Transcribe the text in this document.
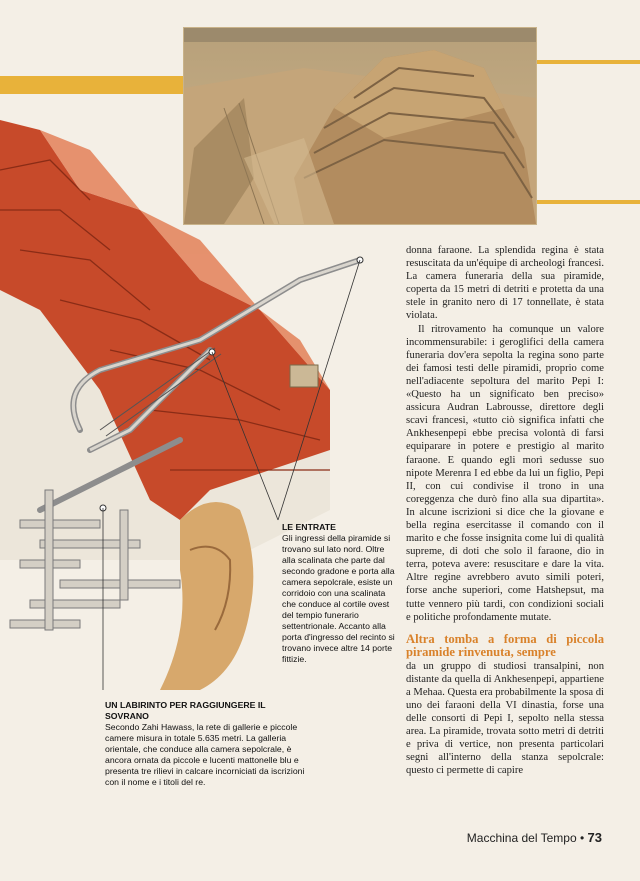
LE ENTRATE
Gli ingressi della piramide si trovano sul lato nord. Oltre alla scalinata che parte dal secondo gradone e porta alla camera sepolcrale, esiste un corridoio con una scalinata che conduce al cortile ovest del tempio funerario settentrionale. Accanto alla porta d'ingresso del recinto si trovano invece altre 14 porte fittizie.
UN LABIRINTO PER RAGGIUNGERE IL SOVRANO
Secondo Zahi Hawass, la rete di gallerie e piccole camere misura in totale 5.635 metri. La galleria orientale, che conduce alla camera sepolcrale, è ancora ornata da piccole e lucenti mattonelle blu e presenta tre rilievi in calcare incorniciati da iscrizioni con il nome e i titoli del re.

donna faraone. La splendida regina è stata resuscitata da un'équipe di archeologi francesi. La camera funeraria della sua piramide, coperta da 15 metri di detriti e protetta da una stele in granito nero di 17 tonnellate, è stata violata.

Il ritrovamento ha comunque un valore incommensurabile: i geroglifici della camera funeraria dov'era sepolta la regina sono parte dei famosi testi delle piramidi, proprio come nell'adiacente sepoltura del marito Pepi I: «Questo ha un significato ben preciso» assicura Audran Labrousse, direttore degli scavi francesi, «tutto ciò significa infatti che Ankhesenpepi ebbe precisa volontà di farsi equiparare in potere e prestigio al marito faraone. E quando egli morì sedusse suo nipote Merenra I ed ebbe da lui un figlio, Pepi II, con cui condivise il trono in una coreggenza che durò fino alla sua dipartita». In alcune iscrizioni si dice che la giovane e bella regina esercitasse il comando con il marito e che fosse insignita come lui di qualità supreme, di doti che solo il faraone, dio in terra, poteva avere: resuscitare e dare la vita. Altre regine avrebbero avuto simili poteri, forse anche superiori, come Hatshepsut, ma tutte vennero più tardi, con condizioni sociali e politiche profondamente mutate.

Altra tomba a forma di piccola piramide rinvenuta, sempre

da un gruppo di studiosi transalpini, non distante da quella di Ankhesenpepi, appartiene a Mehaa. Questa era probabilmente la sposa di uno dei faraoni della VI dinastia, forse una delle consorti di Pepi I, sepolto nella stessa area. La piramide, trovata sotto metri di detriti e priva di vertice, non presenta particolari segni all'interno della stanza sepolcrale: questo ci permette di capire

Macchina del Tempo • 73
